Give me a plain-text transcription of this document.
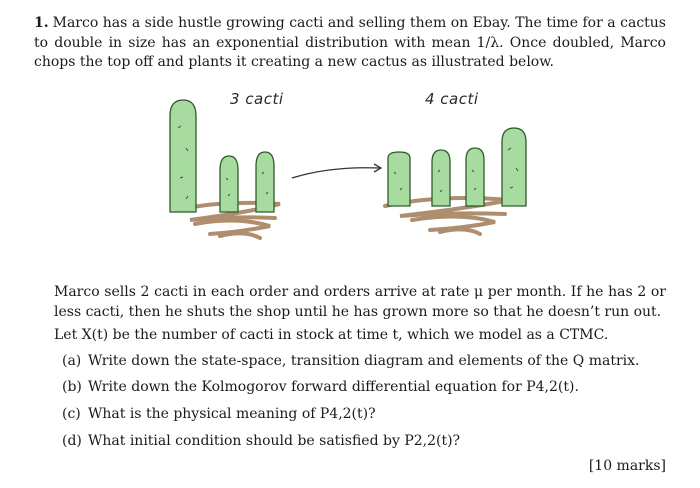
1. Marco has a side hustle growing cacti and selling them on Ebay. The time for a cactus to double in size has an exponential distribution with mean 1/λ. Once doubled, Marco chops the top off and plants it creating a new cactus as illustrated below.
3 cacti	4 cacti
Marco sells 2 cacti in each order and orders arrive at rate μ per month. If he has 2 or less cacti, then he shuts the shop until he has grown more so that he doesn’t run out.
Let X(t) be the number of cacti in stock at time t, which we model as a CTMC.
(a) Write down the state-space, transition diagram and elements of the Q matrix.
(b) Write down the Kolmogorov forward differential equation for P4,2(t).
(c) What is the physical meaning of P4,2(t)?
(d) What initial condition should be satisfied by P2,2(t)?
[10 marks]
